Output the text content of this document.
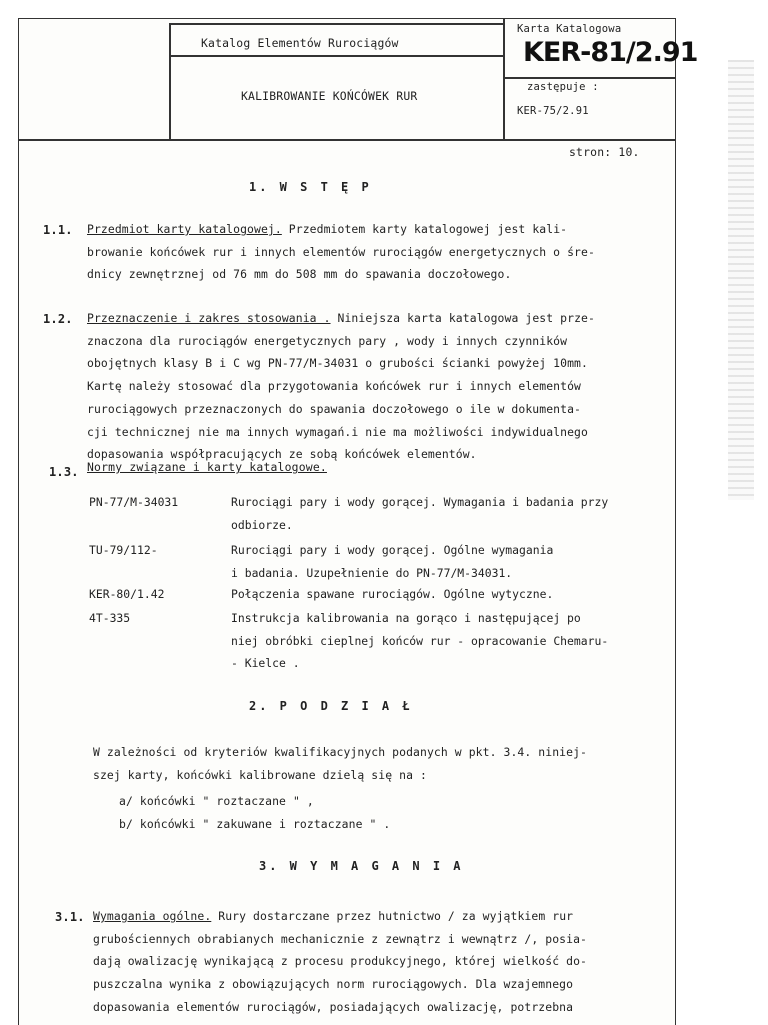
Katalog Elementów Rurociągów
KALIBROWANIE KOŃCÓWEK RUR
Karta Katalogowa
KER-81/2.91
zastępuje :
KER-75/2.91
stron: 10.
1. W S T Ę P
1.1. Przedmiot karty katalogowej. Przedmiotem karty katalogowej jest kali-
browanie końcówek rur i innych elementów rurociągów energetycznych o śre-
dnicy zewnętrznej od 76 mm do 508 mm do spawania doczołowego.
1.2. Przeznaczenie i zakres stosowania . Niniejsza karta katalogowa jest prze-
znaczona dla rurociągów energetycznych pary , wody i innych czynników
obojętnych klasy B i C wg PN-77/M-34031 o grubości ścianki powyżej 10mm.
Kartę należy stosować dla przygotowania końcówek rur i innych elementów
rurociągowych przeznaczonych do spawania doczołowego o ile w dokumenta-
cji technicznej nie ma innych wymagań.i nie ma możliwości indywidualnego
dopasowania współpracujących ze sobą końcówek elementów.
1.3. Normy związane i karty katalogowe.
PN-77/M-34031	Rurociągi pary i wody gorącej. Wymagania i badania przy
odbiorze.
TU-79/112-	Rurociągi pary i wody gorącej. Ogólne wymagania
i badania. Uzupełnienie do PN-77/M-34031.
KER-80/1.42	Połączenia spawane rurociągów. Ogólne wytyczne.
4T-335	Instrukcja kalibrowania na gorąco i następującej po
niej obróbki cieplnej końców rur - opracowanie Chemaru-
- Kielce .
2. P O D Z I A Ł
W zależności od kryteriów kwalifikacyjnych podanych w pkt. 3.4. niniej-
szej karty, końcówki kalibrowane dzielą się na :
a/ końcówki " roztaczane " ,
b/ końcówki " zakuwane i roztaczane " .
3. W Y M A G A N I A
3.1. Wymagania ogólne. Rury dostarczane przez hutnictwo / za wyjątkiem rur
grubościennych obrabianych mechanicznie z zewnątrz i wewnątrz /, posia-
dają owalizację wynikającą z procesu produkcyjnego, której wielkość do-
puszczalna wynika z obowiązujących norm rurociągowych. Dla wzajemnego
dopasowania elementów rurociągów, posiadających owalizację, potrzebna
